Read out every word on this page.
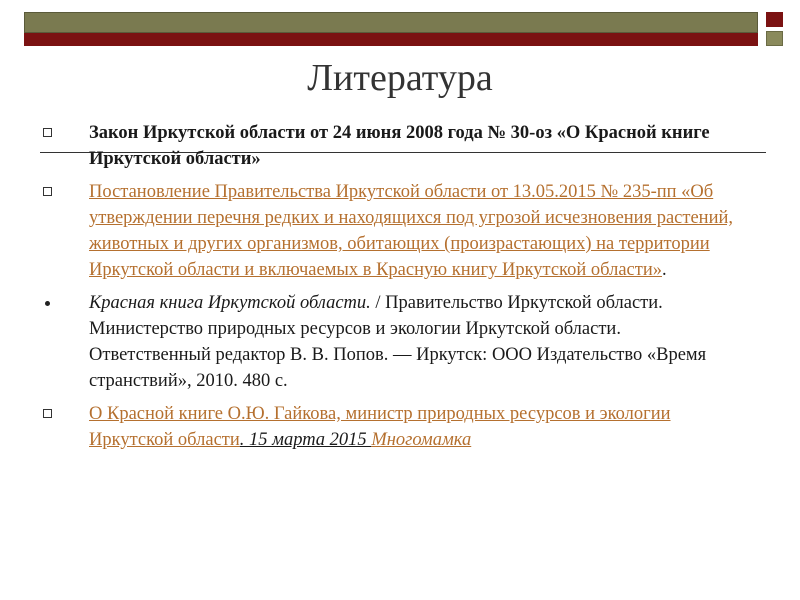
Литература
Закон Иркутской области от 24 июня 2008 года № 30-оз «О Красной книге Иркутской области»
Постановление Правительства Иркутской области от 13.05.2015 № 235-пп «Об утверждении перечня редких и находящихся под угрозой исчезновения растений, животных и других организмов, обитающих (произрастающих) на территории Иркутской области и включаемых в Красную книгу Иркутской области».
Красная книга Иркутской области. / Правительство Иркутской области. Министерство природных ресурсов и экологии Иркутской области. Ответственный редактор В. В. Попов. — Иркутск: ООО Издательство «Время странствий», 2010. 480 с.
О Красной книге О.Ю. Гайкова, министр природных ресурсов и экологии Иркутской области. 15 марта 2015 Многомамка
